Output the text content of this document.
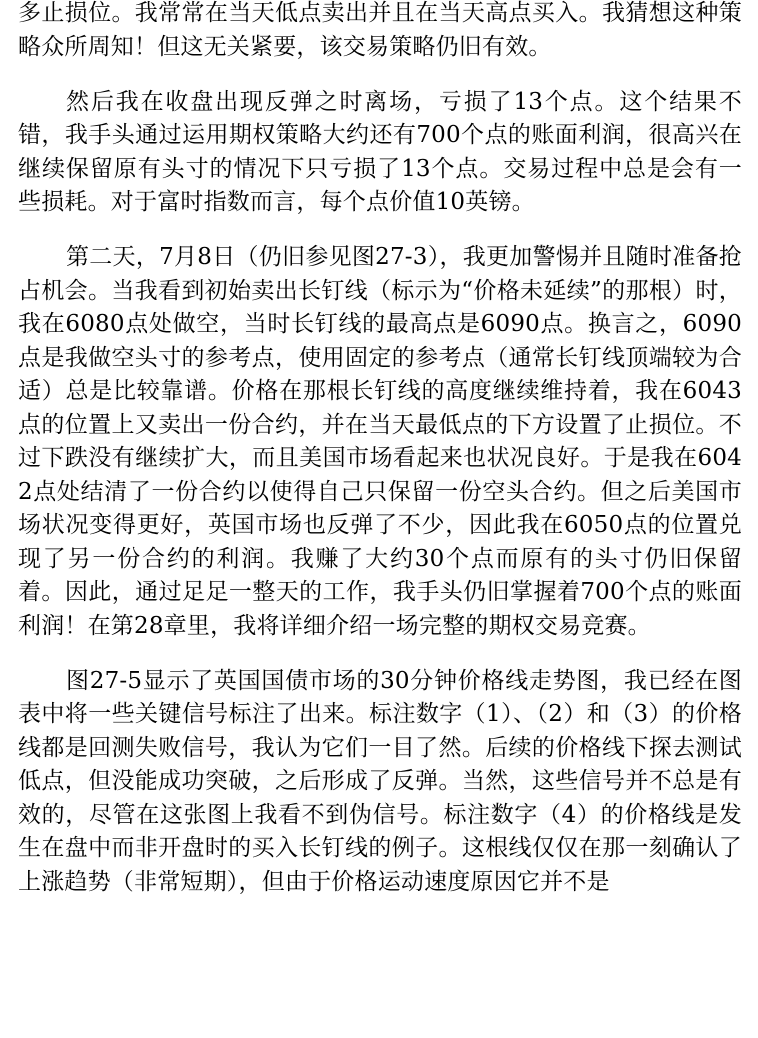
多止损位。我常常在当天低点卖出并且在当天高点买入。我猜想这种策略众所周知！但这无关紧要，该交易策略仍旧有效。

然后我在收盘出现反弹之时离场，亏损了13个点。这个结果不错，我手头通过运用期权策略大约还有700个点的账面利润，很高兴在继续保留原有头寸的情况下只亏损了13个点。交易过程中总是会有一些损耗。对于富时指数而言，每个点价值10英镑。

第二天，7月8日（仍旧参见图27-3），我更加警惕并且随时准备抢占机会。当我看到初始卖出长钉线（标示为“价格未延续”的那根）时，我在6080点处做空，当时长钉线的最高点是6090点。换言之，6090点是我做空头寸的参考点，使用固定的参考点（通常长钉线顶端较为合适）总是比较靠谱。价格在那根长钉线的高度继续维持着，我在6043点的位置上又卖出一份合约，并在当天最低点的下方设置了止损位。不过下跌没有继续扩大，而且美国市场看起来也状况良好。于是我在6042点处结清了一份合约以使得自己只保留一份空头合约。但之后美国市场状况变得更好，英国市场也反弹了不少，因此我在6050点的位置兑现了另一份合约的利润。我赚了大约30个点而原有的头寸仍旧保留着。因此，通过足足一整天的工作，我手头仍旧掌握着700个点的账面利润！在第28章里，我将详细介绍一场完整的期权交易竞赛。

图27-5显示了英国国债市场的30分钟价格线走势图，我已经在图表中将一些关键信号标注了出来。标注数字（1）、（2）和（3）的价格线都是回测失败信号，我认为它们一目了然。后续的价格线下探去测试低点，但没能成功突破，之后形成了反弹。当然，这些信号并不总是有效的，尽管在这张图上我看不到伪信号。标注数字（4）的价格线是发生在盘中而非开盘时的买入长钉线的例子。这根线仅仅在那一刻确认了上涨趋势（非常短期），但由于价格运动速度原因它并不是
